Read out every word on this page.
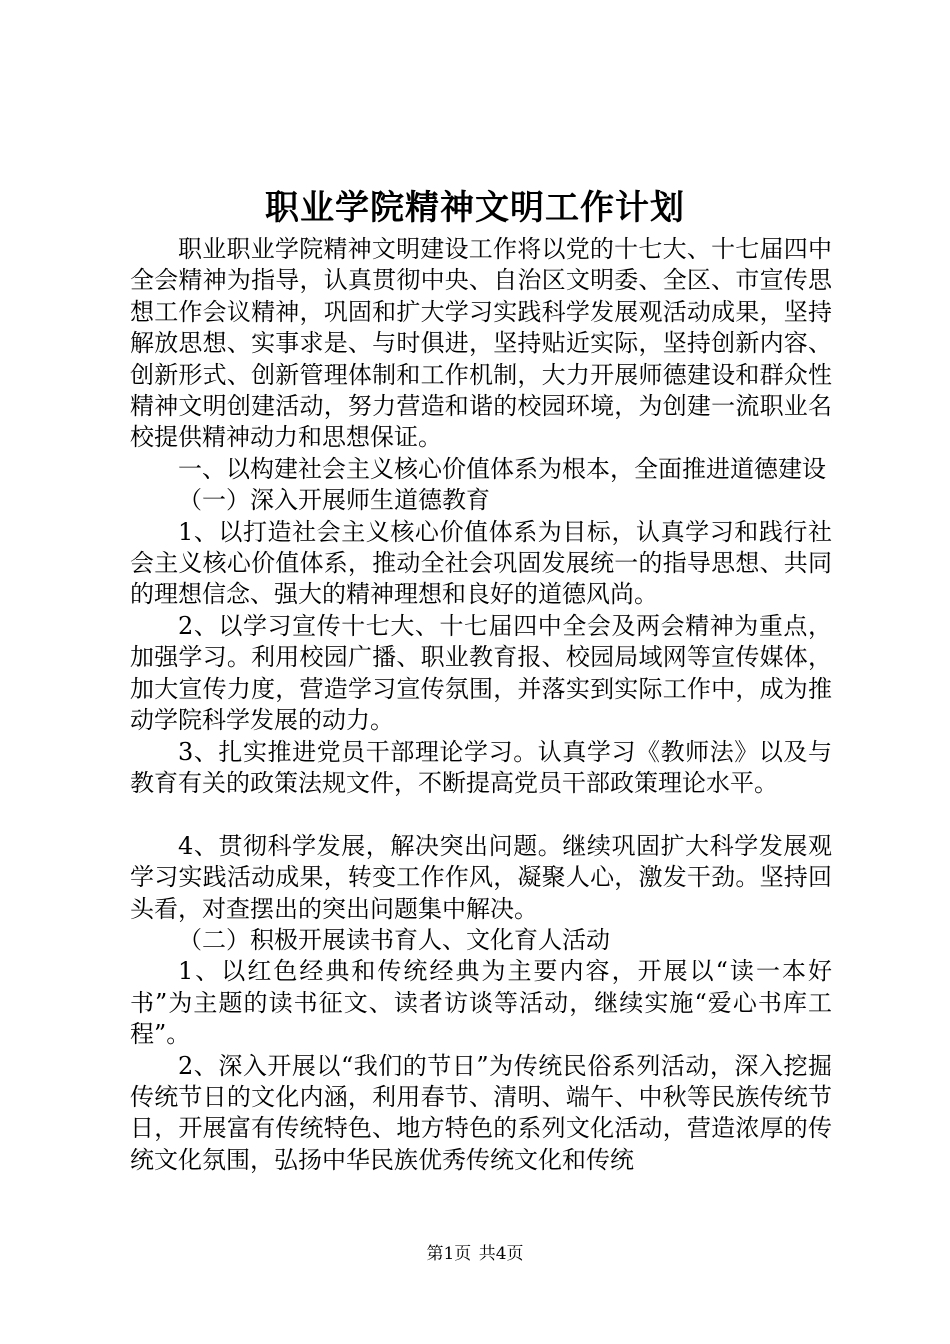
职业学院精神文明工作计划

职业职业学院精神文明建设工作将以党的十七大、十七届四中全会精神为指导，认真贯彻中央、自治区文明委、全区、市宣传思想工作会议精神，巩固和扩大学习实践科学发展观活动成果，坚持解放思想、实事求是、与时俱进，坚持贴近实际，坚持创新内容、创新形式、创新管理体制和工作机制，大力开展师德建设和群众性精神文明创建活动，努力营造和谐的校园环境，为创建一流职业名校提供精神动力和思想保证。

一、以构建社会主义核心价值体系为根本，全面推进道德建设

（一）深入开展师生道德教育

1、以打造社会主义核心价值体系为目标，认真学习和践行社会主义核心价值体系，推动全社会巩固发展统一的指导思想、共同的理想信念、强大的精神理想和良好的道德风尚。

2、以学习宣传十七大、十七届四中全会及两会精神为重点，加强学习。利用校园广播、职业教育报、校园局域网等宣传媒体，加大宣传力度，营造学习宣传氛围，并落实到实际工作中，成为推动学院科学发展的动力。

3、扎实推进党员干部理论学习。认真学习《教师法》以及与教育有关的政策法规文件，不断提高党员干部政策理论水平。

4、贯彻科学发展，解决突出问题。继续巩固扩大科学发展观学习实践活动成果，转变工作作风，凝聚人心，激发干劲。坚持回头看，对查摆出的突出问题集中解决。

（二）积极开展读书育人、文化育人活动

1、以红色经典和传统经典为主要内容，开展以“读一本好书”为主题的读书征文、读者访谈等活动，继续实施“爱心书库工程”。

2、深入开展以“我们的节日”为传统民俗系列活动，深入挖掘传统节日的文化内涵，利用春节、清明、端午、中秋等民族传统节日，开展富有传统特色、地方特色的系列文化活动，营造浓厚的传统文化氛围，弘扬中华民族优秀传统文化和传统

第1页 共4页
